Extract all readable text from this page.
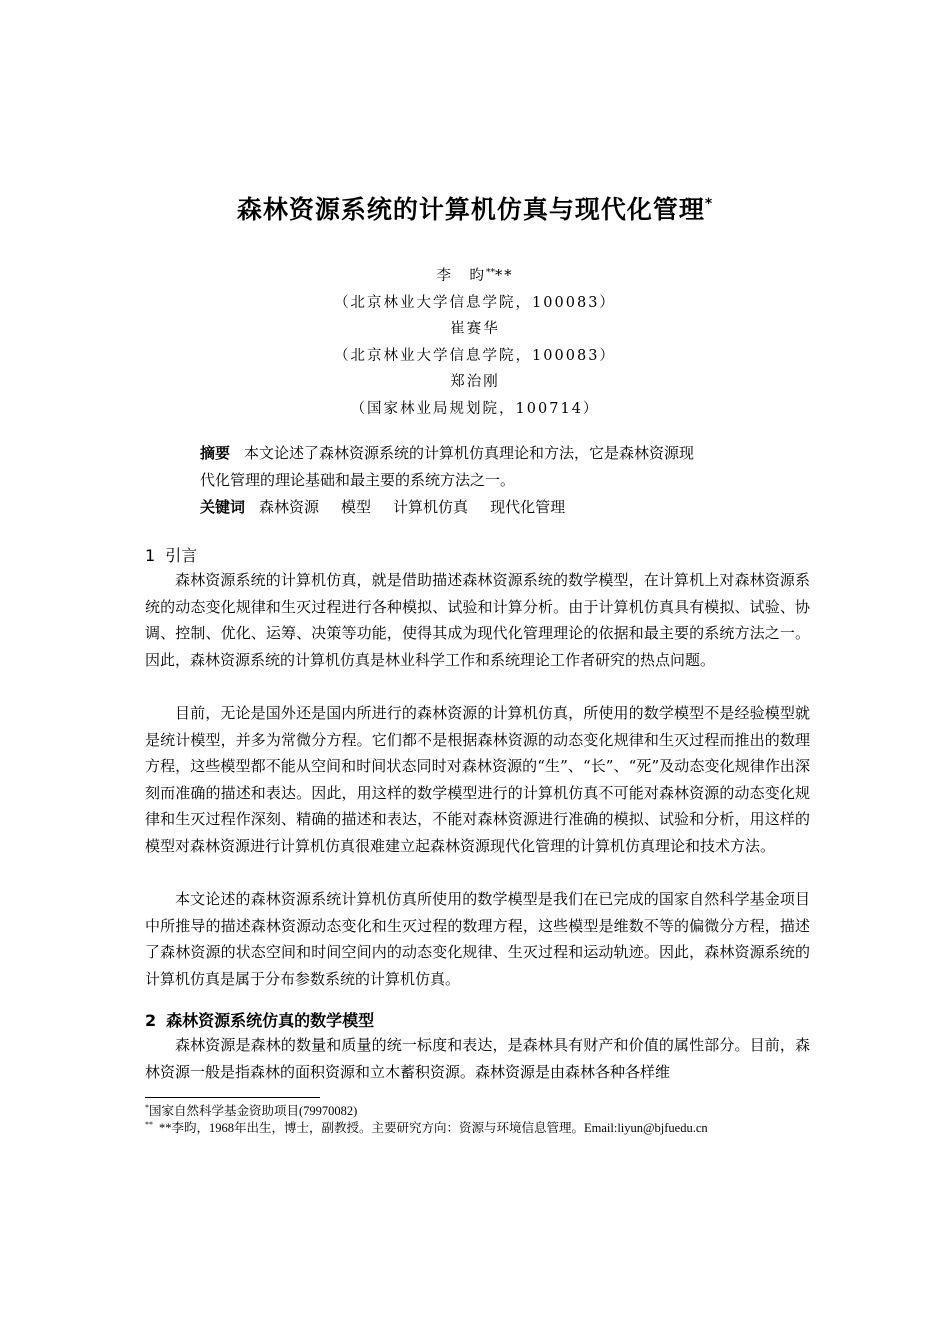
森林资源系统的计算机仿真与现代化管理*
李　昀****
（北京林业大学信息学院，100083）
崔赛华
（北京林业大学信息学院，100083）
郑治刚
（国家林业局规划院，100714）
摘要 本文论述了森林资源系统的计算机仿真理论和方法，它是森林资源现
代化管理的理论基础和最主要的系统方法之一。
关键词 森林资源 模型 计算机仿真 现代化管理
1 引言
森林资源系统的计算机仿真，就是借助描述森林资源系统的数学模型，在计算机上对森林资源系统的动态变化规律和生灭过程进行各种模拟、试验和计算分析。由于计算机仿真具有模拟、试验、协调、控制、优化、运筹、决策等功能，使得其成为现代化管理理论的依据和最主要的系统方法之一。因此，森林资源系统的计算机仿真是林业科学工作和系统理论工作者研究的热点问题。
目前，无论是国外还是国内所进行的森林资源的计算机仿真，所使用的数学模型不是经验模型就是统计模型，并多为常微分方程。它们都不是根据森林资源的动态变化规律和生灭过程而推出的数理方程，这些模型都不能从空间和时间状态同时对森林资源的“生”、“长”、“死”及动态变化规律作出深刻而准确的描述和表达。因此，用这样的数学模型进行的计算机仿真不可能对森林资源的动态变化规律和生灭过程作深刻、精确的描述和表达，不能对森林资源进行准确的模拟、试验和分析，用这样的模型对森林资源进行计算机仿真很难建立起森林资源现代化管理的计算机仿真理论和技术方法。
本文论述的森林资源系统计算机仿真所使用的数学模型是我们在已完成的国家自然科学基金项目中所推导的描述森林资源动态变化和生灭过程的数理方程，这些模型是维数不等的偏微分方程，描述了森林资源的状态空间和时间空间内的动态变化规律、生灭过程和运动轨迹。因此，森林资源系统的计算机仿真是属于分布参数系统的计算机仿真。
2 森林资源系统仿真的数学模型
森林资源是森林的数量和质量的统一标度和表达，是森林具有财产和价值的属性部分。目前，森林资源一般是指森林的面积资源和立木蓄积资源。森林资源是由森林各种各样维
*国家自然科学基金资助项目(79970082)
** **李昀，1968年出生，博士，副教授。主要研究方向：资源与环境信息管理。Email:liyun@bjfuedu.cn
